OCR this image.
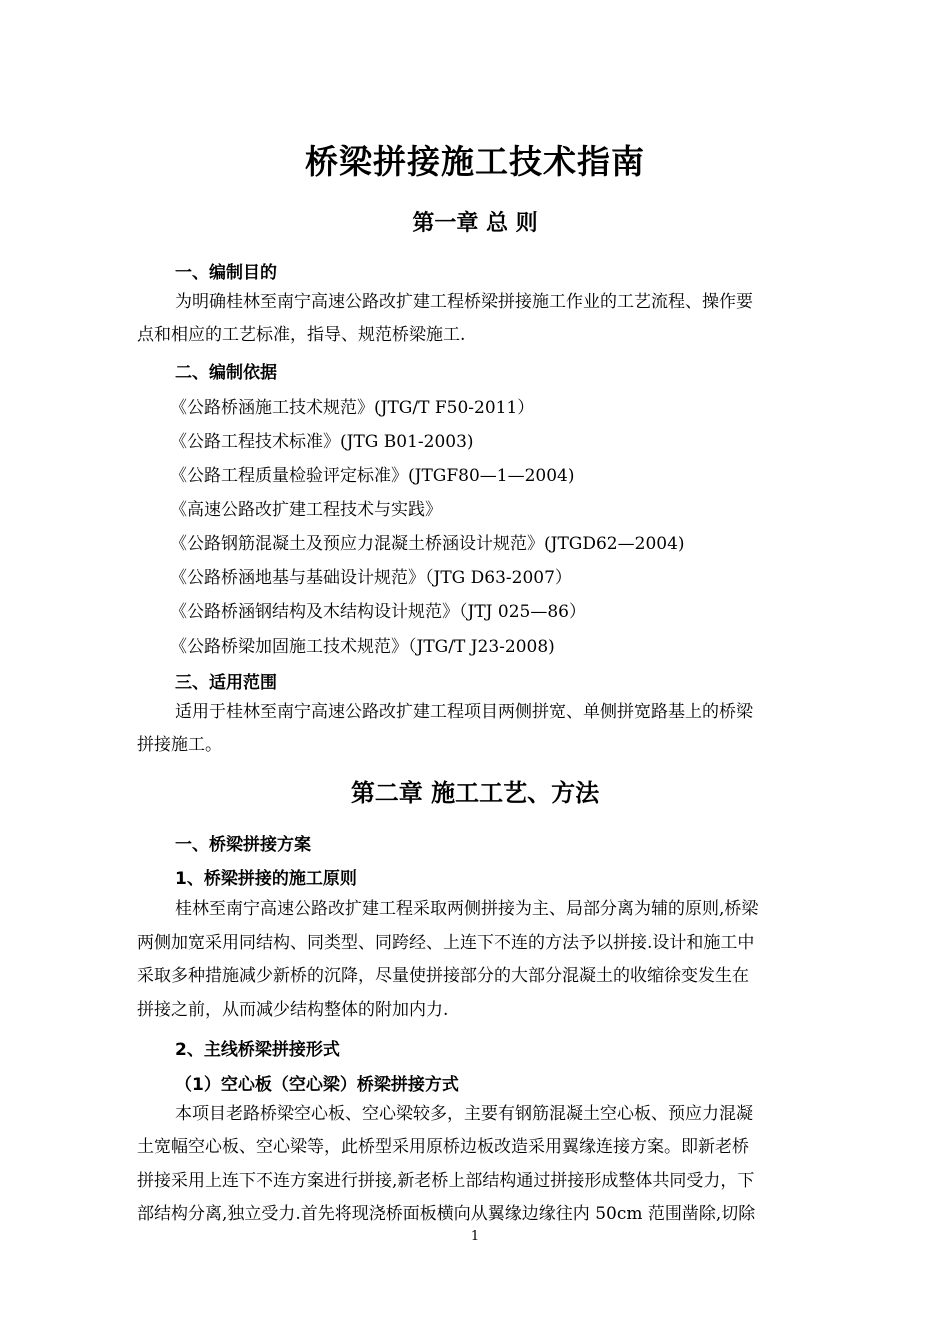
桥梁拼接施工技术指南
第一章 总 则
一、编制目的
为明确桂林至南宁高速公路改扩建工程桥梁拼接施工作业的工艺流程、操作要
点和相应的工艺标准，指导、规范桥梁施工.
二、编制依据
《公路桥涵施工技术规范》(JTG/T F50-2011）
《公路工程技术标准》(JTG B01-2003)
《公路工程质量检验评定标准》(JTGF80—1—2004)
《高速公路改扩建工程技术与实践》
《公路钢筋混凝土及预应力混凝土桥涵设计规范》(JTGD62—2004)
《公路桥涵地基与基础设计规范》（JTG D63-2007）
《公路桥涵钢结构及木结构设计规范》（JTJ 025—86）
《公路桥梁加固施工技术规范》（JTG/T J23-2008)
三、适用范围
适用于桂林至南宁高速公路改扩建工程项目两侧拼宽、单侧拼宽路基上的桥梁
拼接施工。
第二章 施工工艺、方法
一、桥梁拼接方案
1、桥梁拼接的施工原则
桂林至南宁高速公路改扩建工程采取两侧拼接为主、局部分离为辅的原则,桥梁
两侧加宽采用同结构、同类型、同跨经、上连下不连的方法予以拼接.设计和施工中
采取多种措施减少新桥的沉降，尽量使拼接部分的大部分混凝土的收缩徐变发生在
拼接之前，从而减少结构整体的附加内力.
2、主线桥梁拼接形式
（1）空心板（空心梁）桥梁拼接方式
本项目老路桥梁空心板、空心梁较多，主要有钢筋混凝土空心板、预应力混凝
土宽幅空心板、空心梁等，此桥型采用原桥边板改造采用翼缘连接方案。即新老桥
拼接采用上连下不连方案进行拼接,新老桥上部结构通过拼接形成整体共同受力，下
部结构分离,独立受力.首先将现浇桥面板横向从翼缘边缘往内 50cm 范围凿除,切除
1
